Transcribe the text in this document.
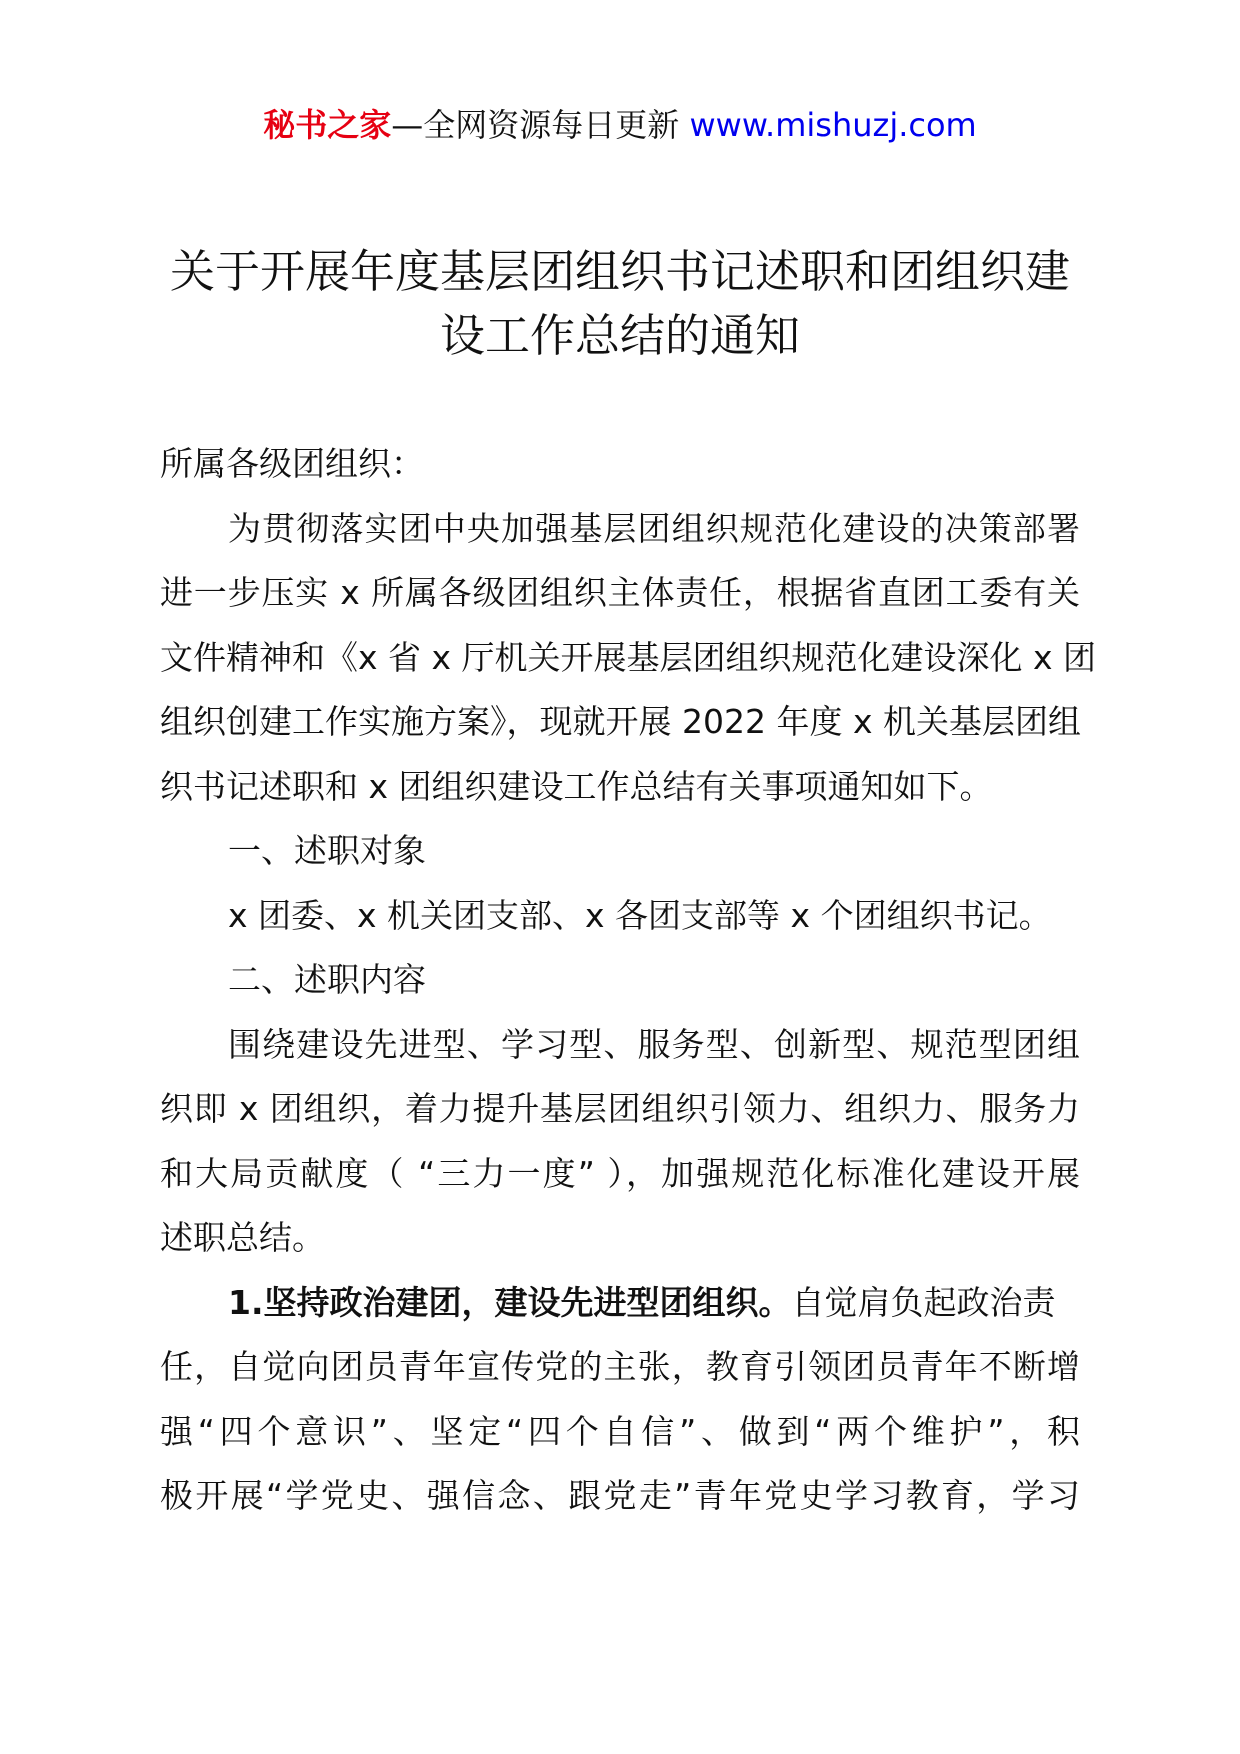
秘书之家—全网资源每日更新 www.mishuzj.com
关于开展年度基层团组织书记述职和团组织建
设工作总结的通知
所属各级团组织：
为贯彻落实团中央加强基层团组织规范化建设的决策部署
进一步压实 x 所属各级团组织主体责任，根据省直团工委有关
文件精神和《x 省 x 厅机关开展基层团组织规范化建设深化 x 团
组织创建工作实施方案》，现就开展 2022 年度 x 机关基层团组
织书记述职和 x 团组织建设工作总结有关事项通知如下。
一、述职对象
x 团委、x 机关团支部、x 各团支部等 x 个团组织书记。
二、述职内容
围绕建设先进型、学习型、服务型、创新型、规范型团组
织即 x 团组织，着力提升基层团组织引领力、组织力、服务力
和大局贡献度（ “三力一度” ），加强规范化标准化建设开展
述职总结。
1.坚持政治建团，建设先进型团组织。自觉肩负起政治责
任，自觉向团员青年宣传党的主张，教育引领团员青年不断增
强“四个意识”、坚定“四个自信”、做到“两个维护”，积
极开展“学党史、强信念、跟党走”青年党史学习教育，学习
